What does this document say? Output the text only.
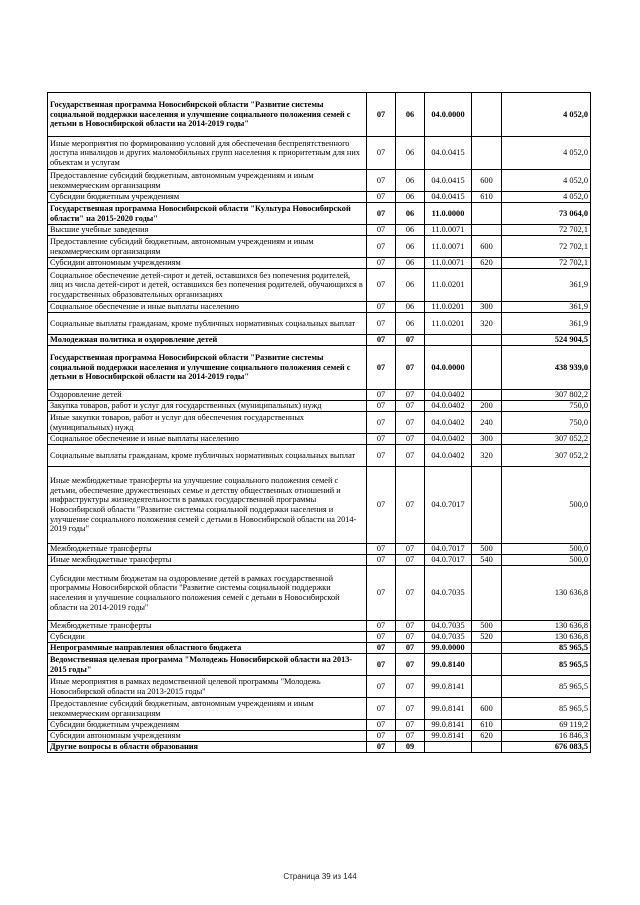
Государственная программа Новосибирской области "Развитие системы социальной поддержки населения и улучшение социального положения семей с детьми в Новосибирской области на 2014-2019 годы"	07	06	04.0.0000		4 052,0
Иные мероприятия по формированию условий для обеспечения беспрепятственного доступа инвалидов и других маломобильных групп населения к приоритетным для них объектам и услугам	07	06	04.0.0415		4 052,0
Предоставление субсидий бюджетным, автономным учреждениям и иным некоммерческим организациям	07	06	04.0.0415	600	4 052,0
Субсидии бюджетным учреждениям	07	06	04.0.0415	610	4 052,0
Государственная программа Новосибирской области "Культура Новосибирской области" на 2015-2020 годы"	07	06	11.0.0000		73 064,0
Высшие учебные заведения	07	06	11.0.0071		72 702,1
Предоставление субсидий бюджетным, автономным учреждениям и иным некоммерческим организациям	07	06	11.0.0071	600	72 702,1
Субсидии автономным учреждениям	07	06	11.0.0071	620	72 702,1
Социальное обеспечение детей-сирот и детей, оставшихся без попечения родителей, лиц из числа детей-сирот и детей, оставшихся без попечения родителей, обучающихся в государственных образовательных организациях	07	06	11.0.0201		361,9
Социальное обеспечение и иные выплаты населению	07	06	11.0.0201	300	361,9
Социальные выплаты гражданам, кроме публичных нормативных социальных выплат	07	06	11.0.0201	320	361,9
Молодежная политика и оздоровление детей	07	07			524 904,5
Государственная программа Новосибирской области "Развитие системы социальной поддержки населения и улучшение социального положения семей с детьми в Новосибирской области на 2014-2019 годы"	07	07	04.0.0000		438 939,0
Оздоровление детей	07	07	04.0.0402		307 802,2
Закупка товаров, работ и услуг для государственных (муниципальных) нужд	07	07	04.0.0402	200	750,0
Иные закупки товаров, работ и услуг для обеспечения государственных (муниципальных) нужд	07	07	04.0.0402	240	750,0
Социальное обеспечение и иные выплаты населению	07	07	04.0.0402	300	307 052,2
Социальные выплаты гражданам, кроме публичных нормативных социальных выплат	07	07	04.0.0402	320	307 052,2
Иные межбюджетные трансферты на улучшение социального положения семей с детьми, обеспечение дружественных семье и детству общественных отношений и инфраструктуры жизнедеятельности в рамках государственной программы Новосибирской области "Развитие системы социальной поддержки населения и улучшение социального положения семей с детьми в Новосибирской области на 2014-2019 годы"	07	07	04.0.7017		500,0
Межбюджетные трансферты	07	07	04.0.7017	500	500,0
Иные межбюджетные трансферты	07	07	04.0.7017	540	500,0
Субсидии местным бюджетам на оздоровление детей в рамках государственной программы Новосибирской области "Развитие системы социальной поддержки населения и улучшение социального положения семей с детьми в Новосибирской области на 2014-2019 годы"	07	07	04.0.7035		130 636,8
Межбюджетные трансферты	07	07	04.0.7035	500	130 636,8
Субсидии	07	07	04.0.7035	520	130 636,8
Непрограммные направления областного бюджета	07	07	99.0.0000		85 965,5
Ведомственная целевая программа "Молодежь Новосибирской области на 2013-2015 годы"	07	07	99.0.8140		85 965,5
Иные мероприятия в рамках ведомственной целевой программы "Молодежь Новосибирской области на 2013-2015 годы"	07	07	99.0.8141		85 965,5
Предоставление субсидий бюджетным, автономным учреждениям и иным некоммерческим организациям	07	07	99.0.8141	600	85 965,5
Субсидии бюджетным учреждениям	07	07	99.0.8141	610	69 119,2
Субсидии автономным учреждениям	07	07	99.0.8141	620	16 846,3
Другие вопросы в области образования	07	09			676 083,5
Страница 39 из 144
